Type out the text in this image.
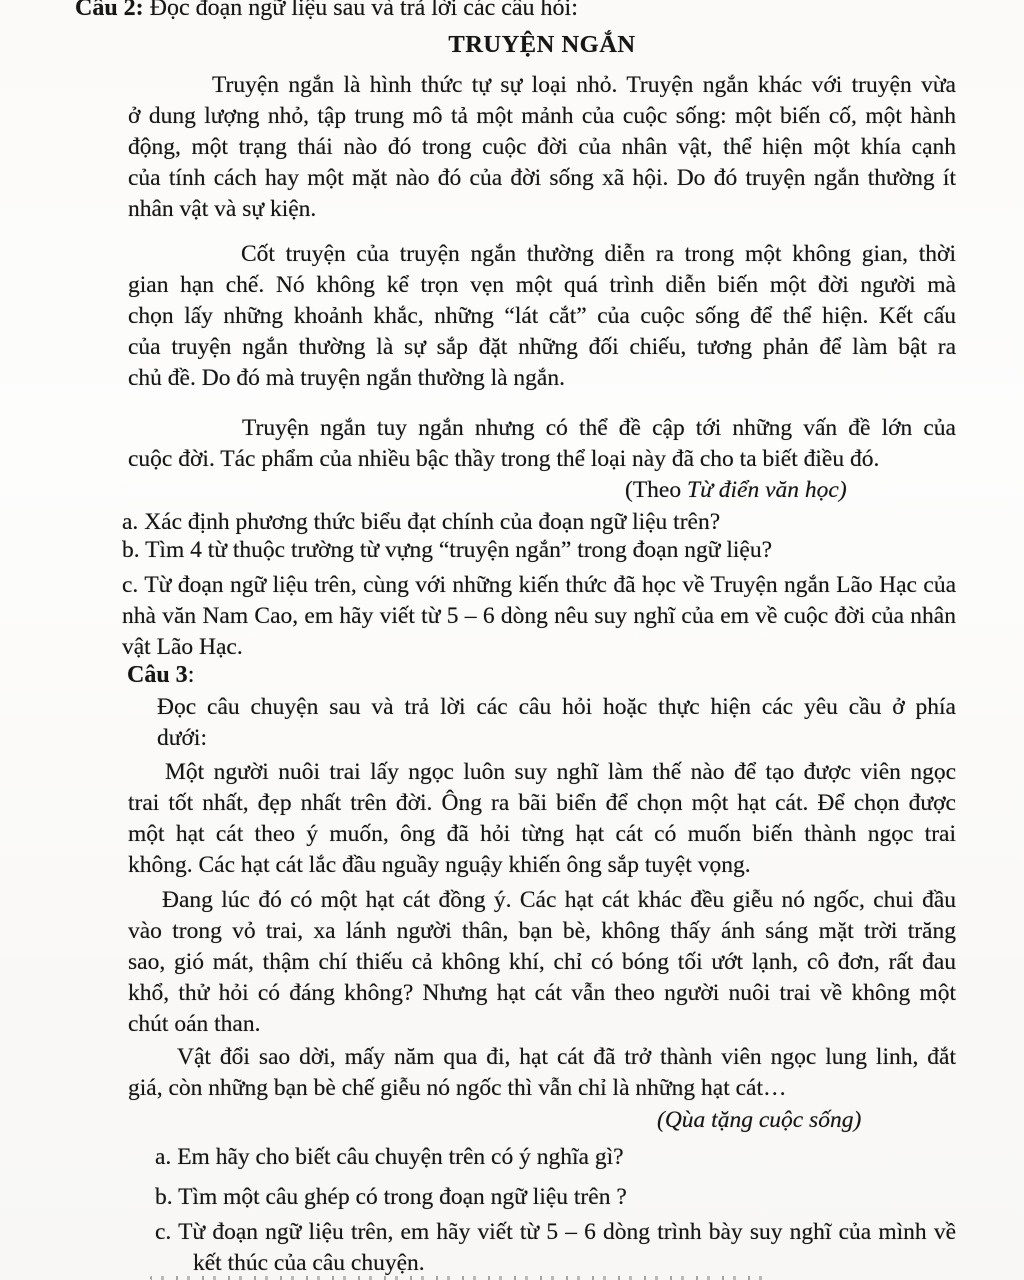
Câu 2: Đọc đoạn ngữ liệu sau và trả lời các câu hỏi:
TRUYỆN NGẮN
Truyện ngắn là hình thức tự sự loại nhỏ. Truyện ngắn khác với truyện vừa
ở dung lượng nhỏ, tập trung mô tả một mảnh của cuộc sống: một biến cố, một hành
động, một trạng thái nào đó trong cuộc đời của nhân vật, thể hiện một khía cạnh
của tính cách hay một mặt nào đó của đời sống xã hội. Do đó truyện ngắn thường ít
nhân vật và sự kiện.
Cốt truyện của truyện ngắn thường diễn ra trong một không gian, thời
gian hạn chế. Nó không kể trọn vẹn một quá trình diễn biến một đời người mà
chọn lấy những khoảnh khắc, những “lát cắt” của cuộc sống để thể hiện. Kết cấu
của truyện ngắn thường là sự sắp đặt những đối chiếu, tương phản để làm bật ra
chủ đề. Do đó mà truyện ngắn thường là ngắn.
Truyện ngắn tuy ngắn nhưng có thể đề cập tới những vấn đề lớn của
cuộc đời. Tác phẩm của nhiều bậc thầy trong thể loại này đã cho ta biết điều đó.
(Theo Từ điển văn học)
a. Xác định phương thức biểu đạt chính của đoạn ngữ liệu trên?
b. Tìm 4 từ thuộc trường từ vựng “truyện ngắn” trong đoạn ngữ liệu?
c. Từ đoạn ngữ liệu trên, cùng với những kiến thức đã học về Truyện ngắn Lão Hạc của
nhà văn Nam Cao, em hãy viết từ 5 – 6 dòng nêu suy nghĩ của em về cuộc đời của nhân
vật Lão Hạc.
Câu 3:
Đọc câu chuyện sau và trả lời các câu hỏi hoặc thực hiện các yêu cầu ở phía
dưới:
Một người nuôi trai lấy ngọc luôn suy nghĩ làm thế nào để tạo được viên ngọc
trai tốt nhất, đẹp nhất trên đời. Ông ra bãi biển để chọn một hạt cát. Để chọn được
một hạt cát theo ý muốn, ông đã hỏi từng hạt cát có muốn biến thành ngọc trai
không. Các hạt cát lắc đầu nguầy nguậy khiến ông sắp tuyệt vọng.
Đang lúc đó có một hạt cát đồng ý. Các hạt cát khác đều giễu nó ngốc, chui đầu
vào trong vỏ trai, xa lánh người thân, bạn bè, không thấy ánh sáng mặt trời trăng
sao, gió mát, thậm chí thiếu cả không khí, chỉ có bóng tối ướt lạnh, cô đơn, rất đau
khổ, thử hỏi có đáng không? Nhưng hạt cát vẫn theo người nuôi trai về không một
chút oán than.
Vật đổi sao dời, mấy năm qua đi, hạt cát đã trở thành viên ngọc lung linh, đắt
giá, còn những bạn bè chế giễu nó ngốc thì vẫn chỉ là những hạt cát…
(Qùa tặng cuộc sống)
a. Em hãy cho biết câu chuyện trên có ý nghĩa gì?
b. Tìm một câu ghép có trong đoạn ngữ liệu trên ?
c. Từ đoạn ngữ liệu trên, em hãy viết từ 5 – 6 dòng trình bày suy nghĩ của mình về
kết thúc của câu chuyện.
